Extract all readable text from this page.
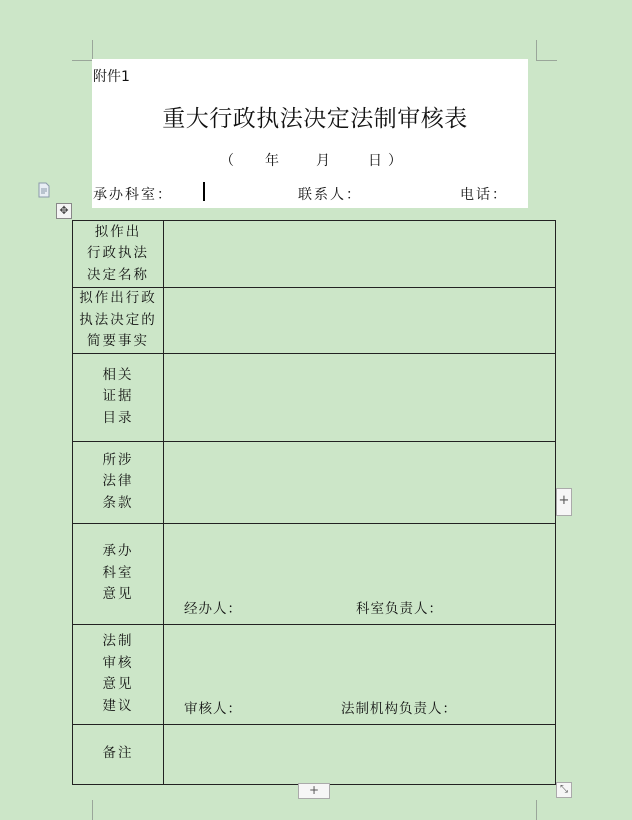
附件1
重大行政执法决定法制审核表
（ 年	月	日 ）
承办科室：	联系人：	电话：
✥
拟作出
行政执法
决定名称	

拟作出行政
执法决定的
简要事实	

相关
证据
目录	

所涉
法律
条款	

承办
科室
意见	经办人： 科室负责人：

法制
审核
意见
建议	审核人： 法制机构负责人：

备注	

+
+	⤡
